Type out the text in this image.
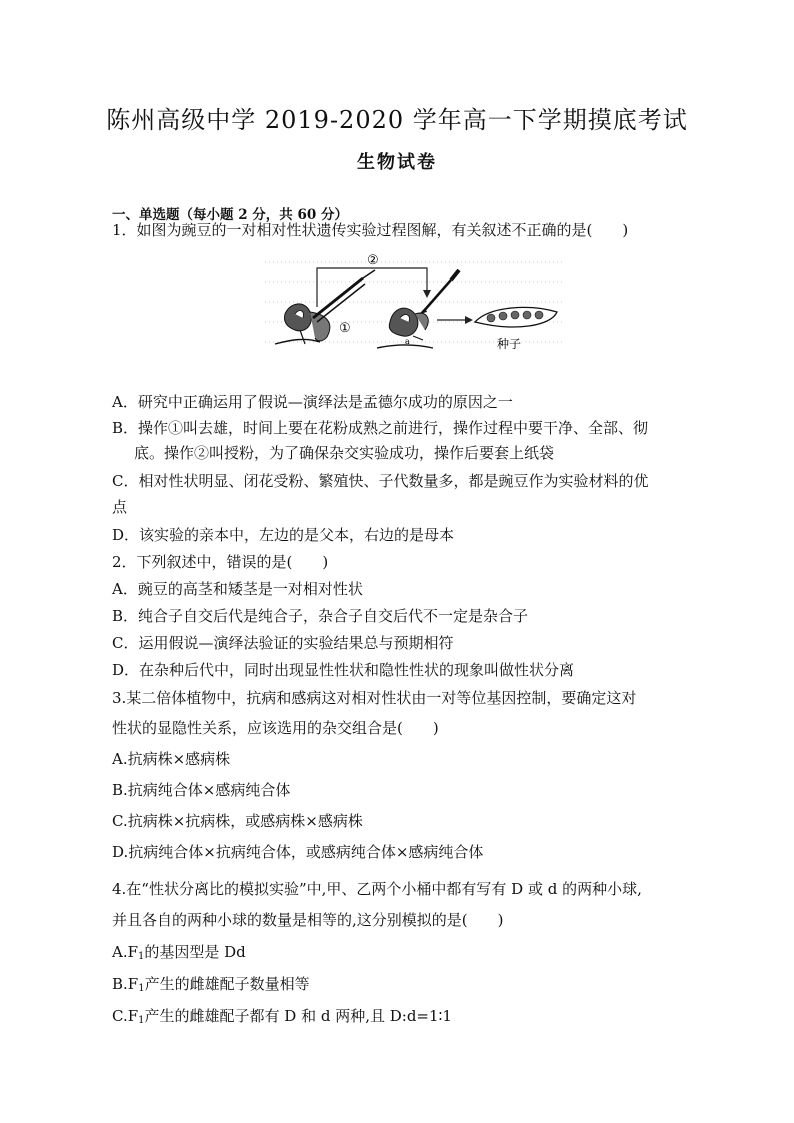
陈州高级中学 2019-2020 学年高一下学期摸底考试
生物试卷
一、单选题（每小题 2 分，共 60 分）
1．如图为豌豆的一对相对性状遗传实验过程图解，有关叙述不正确的是(　　)
①
②
a	种子
A．研究中正确运用了假说—演绎法是孟德尔成功的原因之一
B．操作①叫去雄，时间上要在花粉成熟之前进行，操作过程中要干净、全部、彻
底。操作②叫授粉，为了确保杂交实验成功，操作后要套上纸袋
C．相对性状明显、闭花受粉、繁殖快、子代数量多，都是豌豆作为实验材料的优
点
D．该实验的亲本中，左边的是父本，右边的是母本
2．下列叙述中，错误的是(　　)
A．豌豆的高茎和矮茎是一对相对性状
B．纯合子自交后代是纯合子，杂合子自交后代不一定是杂合子
C．运用假说—演绎法验证的实验结果总与预期相符
D．在杂种后代中，同时出现显性性状和隐性性状的现象叫做性状分离
3.某二倍体植物中，抗病和感病这对相对性状由一对等位基因控制，要确定这对
性状的显隐性关系，应该选用的杂交组合是(　　)
A.抗病株×感病株
B.抗病纯合体×感病纯合体
C.抗病株×抗病株，或感病株×感病株
D.抗病纯合体×抗病纯合体，或感病纯合体×感病纯合体
4.在“性状分离比的模拟实验”中,甲、乙两个小桶中都有写有 D 或 d 的两种小球,
并且各自的两种小球的数量是相等的,这分别模拟的是(　　)
$A.F_1$的基因型是 Dd
$B.F_1$产生的雌雄配子数量相等
$C.F_1$产生的雌雄配子都有 D 和 d 两种,且 D:d=1∶1
